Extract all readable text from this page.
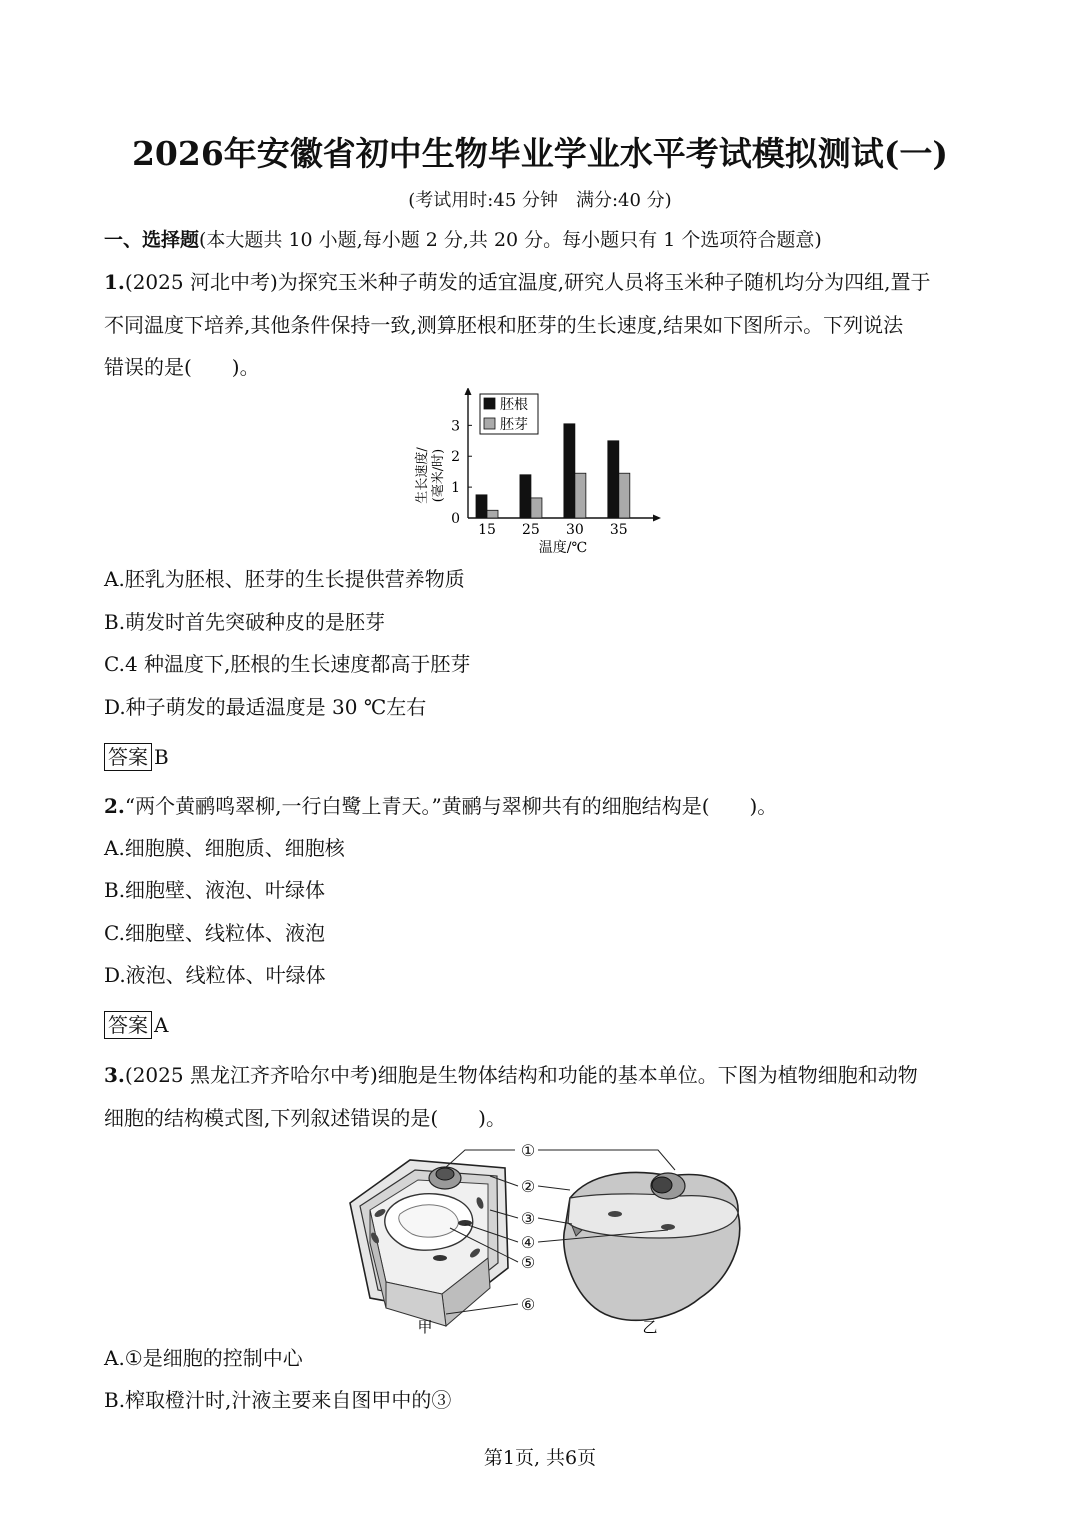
2026年安徽省初中生物毕业学业水平考试模拟测试(一)
(考试用时:45 分钟　满分:40 分)
一、选择题(本大题共 10 小题,每小题 2 分,共 20 分。每小题只有 1 个选项符合题意)
1.(2025 河北中考)为探究玉米种子萌发的适宜温度,研究人员将玉米种子随机均分为四组,置于
不同温度下培养,其他条件保持一致,测算胚根和胚芽的生长速度,结果如下图所示。下列说法
错误的是(　　)。
0
1
2
3
15 25 30 35
温度/℃
生长速度/ (毫米/时)
胚根
胚芽
A.胚乳为胚根、胚芽的生长提供营养物质
B.萌发时首先突破种皮的是胚芽
C.4 种温度下,胚根的生长速度都高于胚芽
D.种子萌发的最适温度是 30 ℃左右
答案 B
2.“两个黄鹂鸣翠柳,一行白鹭上青天。”黄鹂与翠柳共有的细胞结构是(　　)。
A.细胞膜、细胞质、细胞核
B.细胞壁、液泡、叶绿体
C.细胞壁、线粒体、液泡
D.液泡、线粒体、叶绿体
答案 A
3.(2025 黑龙江齐齐哈尔中考)细胞是生物体结构和功能的基本单位。下图为植物细胞和动物
细胞的结构模式图,下列叙述错误的是(　　)。
①
②
③
④
⑤
⑥
甲	乙
A.①是细胞的控制中心
B.榨取橙汁时,汁液主要来自图甲中的③
第1页, 共6页
